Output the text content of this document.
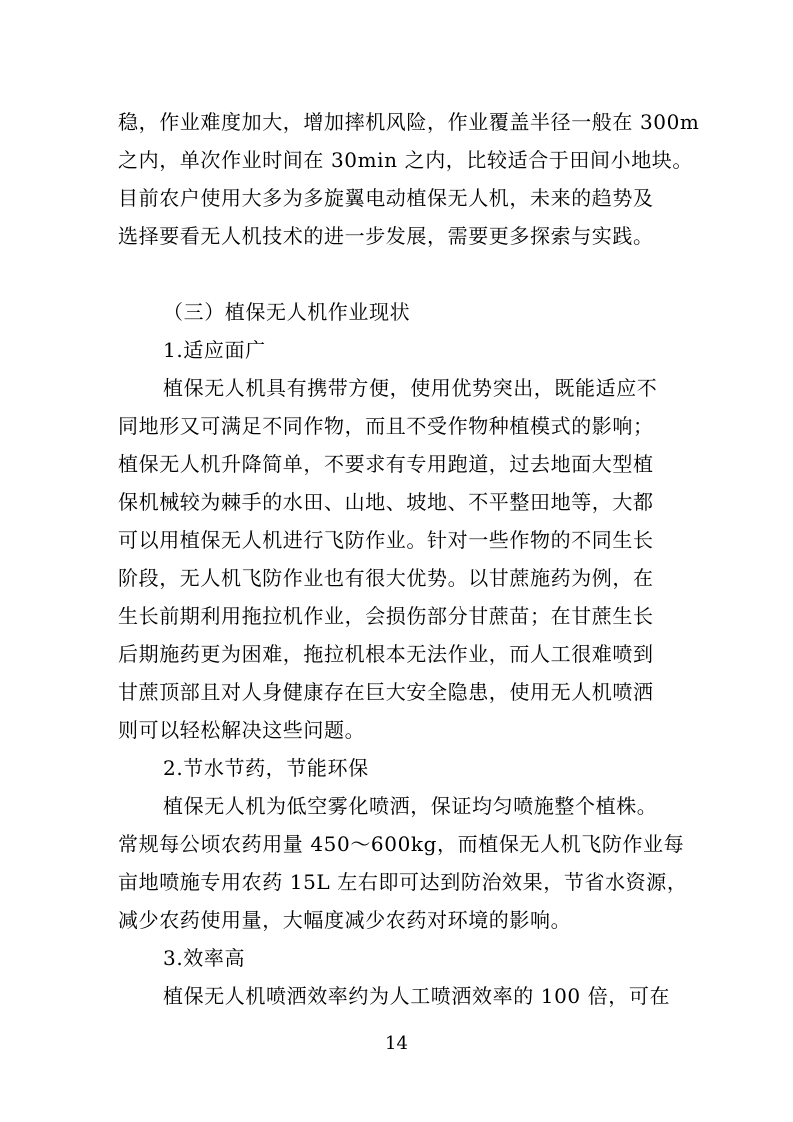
稳，作业难度加大，增加摔机风险，作业覆盖半径一般在 300m
之内，单次作业时间在 30min 之内，比较适合于田间小地块。
目前农户使用大多为多旋翼电动植保无人机，未来的趋势及
选择要看无人机技术的进一步发展，需要更多探索与实践。
（三）植保无人机作业现状
1.适应面广
植保无人机具有携带方便，使用优势突出，既能适应不
同地形又可满足不同作物，而且不受作物种植模式的影响；
植保无人机升降简单，不要求有专用跑道，过去地面大型植
保机械较为棘手的水田、山地、坡地、不平整田地等，大都
可以用植保无人机进行飞防作业。针对一些作物的不同生长
阶段，无人机飞防作业也有很大优势。以甘蔗施药为例，在
生长前期利用拖拉机作业，会损伤部分甘蔗苗；在甘蔗生长
后期施药更为困难，拖拉机根本无法作业，而人工很难喷到
甘蔗顶部且对人身健康存在巨大安全隐患，使用无人机喷洒
则可以轻松解决这些问题。
2.节水节药，节能环保
植保无人机为低空雾化喷洒，保证均匀喷施整个植株。
常规每公顷农药用量 450～600kg，而植保无人机飞防作业每
亩地喷施专用农药 15L 左右即可达到防治效果，节省水资源，
减少农药使用量，大幅度减少农药对环境的影响。
3.效率高
植保无人机喷洒效率约为人工喷洒效率的 100 倍，可在
14
